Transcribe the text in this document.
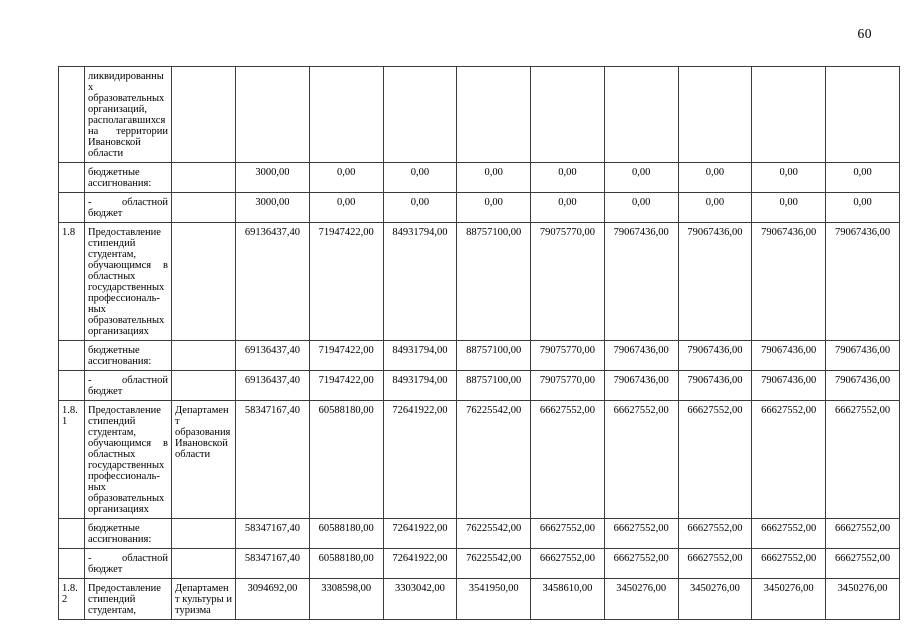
60
	ликвидированных образовательных организаций, располагавшихся на территории Ивановской области										
	бюджетные ассигнования:		3000,00	0,00	0,00	0,00	0,00	0,00	0,00	0,00	0,00
	- областной бюджет		3000,00	0,00	0,00	0,00	0,00	0,00	0,00	0,00	0,00
1.8	Предоставление стипендий студентам, обучающимся в областных государственных профессиональ-ных образовательных организациях		69136437,40	71947422,00	84931794,00	88757100,00	79075770,00	79067436,00	79067436,00	79067436,00	79067436,00
	бюджетные ассигнования:		69136437,40	71947422,00	84931794,00	88757100,00	79075770,00	79067436,00	79067436,00	79067436,00	79067436,00
	- областной бюджет		69136437,40	71947422,00	84931794,00	88757100,00	79075770,00	79067436,00	79067436,00	79067436,00	79067436,00
1.8.1	Предоставление стипендий студентам, обучающимся в областных государственных профессиональ-ных образовательных организациях	Департамент образования Ивановской области	58347167,40	60588180,00	72641922,00	76225542,00	66627552,00	66627552,00	66627552,00	66627552,00	66627552,00
	бюджетные ассигнования:		58347167,40	60588180,00	72641922,00	76225542,00	66627552,00	66627552,00	66627552,00	66627552,00	66627552,00
	- областной бюджет		58347167,40	60588180,00	72641922,00	76225542,00	66627552,00	66627552,00	66627552,00	66627552,00	66627552,00
1.8.2	Предоставление стипендий студентам,	Департамент культуры и туризма	3094692,00	3308598,00	3303042,00	3541950,00	3458610,00	3450276,00	3450276,00	3450276,00	3450276,00
